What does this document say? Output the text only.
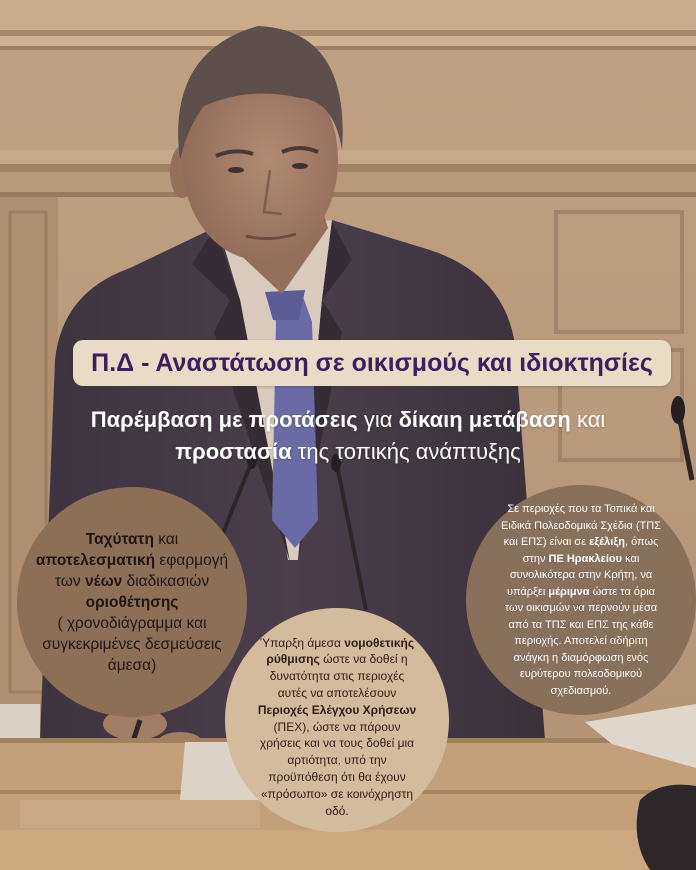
Π.Δ - Αναστάτωση σε οικισμούς και ιδιοκτησίες
Παρέμβαση με προτάσεις για δίκαιη μετάβαση και
προστασία της τοπικής ανάπτυξης
Ταχύτατη και
αποτελεσματική εφαρμογή
των νέων διαδικασιών
οριοθέτησης
( χρονοδιάγραμμα και
συγκεκριμένες δεσμεύσεις
άμεσα)
Ύπαρξη άμεσα νομοθετικής
ρύθμισης ώστε να δοθεί η
δυνατότητα στις περιοχές
αυτές να αποτελέσουν
Περιοχές Ελέγχου Χρήσεων
(ΠΕΧ), ώστε να πάρουν
χρήσεις και να τους δοθεί μια
αρτιότητα, υπό την
προϋπόθεση ότι θα έχουν
«πρόσωπο» σε κοινόχρηστη
οδό.
Σε περιοχές που τα Τοπικά και
Ειδικά Πολεοδομικά Σχέδια (ΤΠΣ
και ΕΠΣ) είναι σε εξέλιξη, όπως
στην ΠΕ Ηρακλείου και
συνολικότερα στην Κρήτη, να
υπάρξει μέριμνα ώστε τα όρια
των οικισμών να περνούν μέσα
από τα ΤΠΣ και ΕΠΣ της κάθε
περιοχής. Αποτελεί αδήριτη
ανάγκη η διαμόρφωση ενός
ευρύτερου πολεοδομικού
σχεδιασμού.
